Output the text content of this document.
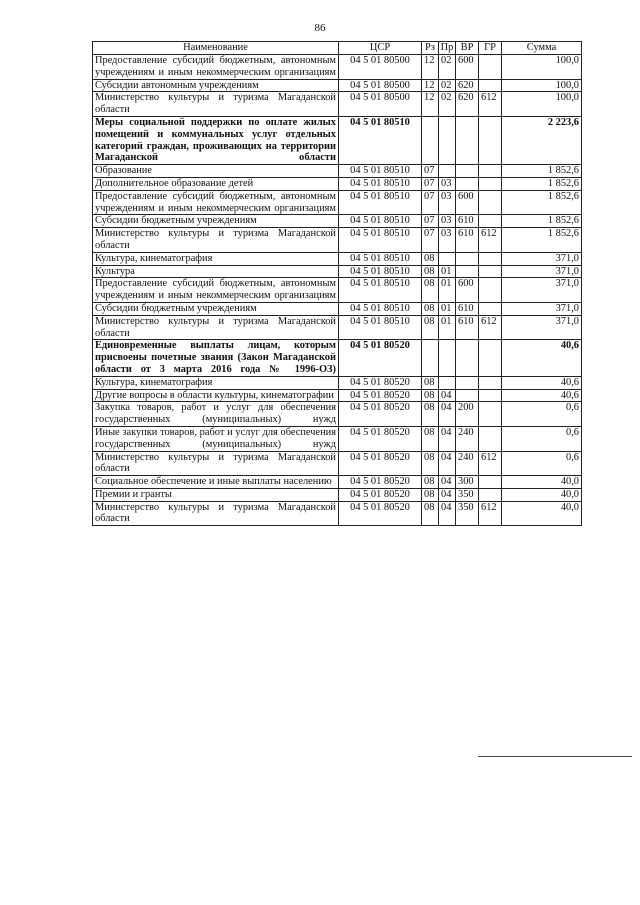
86
Наименование	ЦСР	Рз	Пр	ВР	ГР	Сумма
Предоставление субсидий бюджетным, автономным учреждениям и иным некоммерческим организациям	04 5 01 80500	12	02	600		100,0
Субсидии автономным учреждениям	04 5 01 80500	12	02	620		100,0
Министерство культуры и туризма Магаданской области	04 5 01 80500	12	02	620	612	100,0
Меры социальной поддержки по оплате жилых помещений и коммунальных услуг отдельных категорий граждан, проживающих на территории Магаданской области	04 5 01 80510					2 223,6
Образование	04 5 01 80510	07				1 852,6
Дополнительное образование детей	04 5 01 80510	07	03			1 852,6
Предоставление субсидий бюджетным, автономным учреждениям и иным некоммерческим организациям	04 5 01 80510	07	03	600		1 852,6
Субсидии бюджетным учреждениям	04 5 01 80510	07	03	610		1 852,6
Министерство культуры и туризма Магаданской области	04 5 01 80510	07	03	610	612	1 852,6
Культура, кинематография	04 5 01 80510	08				371,0
Культура	04 5 01 80510	08	01			371,0
Предоставление субсидий бюджетным, автономным учреждениям и иным некоммерческим организациям	04 5 01 80510	08	01	600		371,0
Субсидии бюджетным учреждениям	04 5 01 80510	08	01	610		371,0
Министерство культуры и туризма Магаданской области	04 5 01 80510	08	01	610	612	371,0
Единовременные выплаты лицам, которым присвоены почетные звания (Закон Магаданской области от 3 марта 2016 года № 1996-ОЗ)	04 5 01 80520					40,6
Культура, кинематография	04 5 01 80520	08				40,6
Другие вопросы в области культуры, кинематографии	04 5 01 80520	08	04			40,6
Закупка товаров, работ и услуг для обеспечения государственных (муниципальных) нужд	04 5 01 80520	08	04	200		0,6
Иные закупки товаров, работ и услуг для обеспечения государственных (муниципальных) нужд	04 5 01 80520	08	04	240		0,6
Министерство культуры и туризма Магаданской области	04 5 01 80520	08	04	240	612	0,6
Социальное обеспечение и иные выплаты населению	04 5 01 80520	08	04	300		40,0
Премии и гранты	04 5 01 80520	08	04	350		40,0
Министерство культуры и туризма Магаданской области	04 5 01 80520	08	04	350	612	40,0
